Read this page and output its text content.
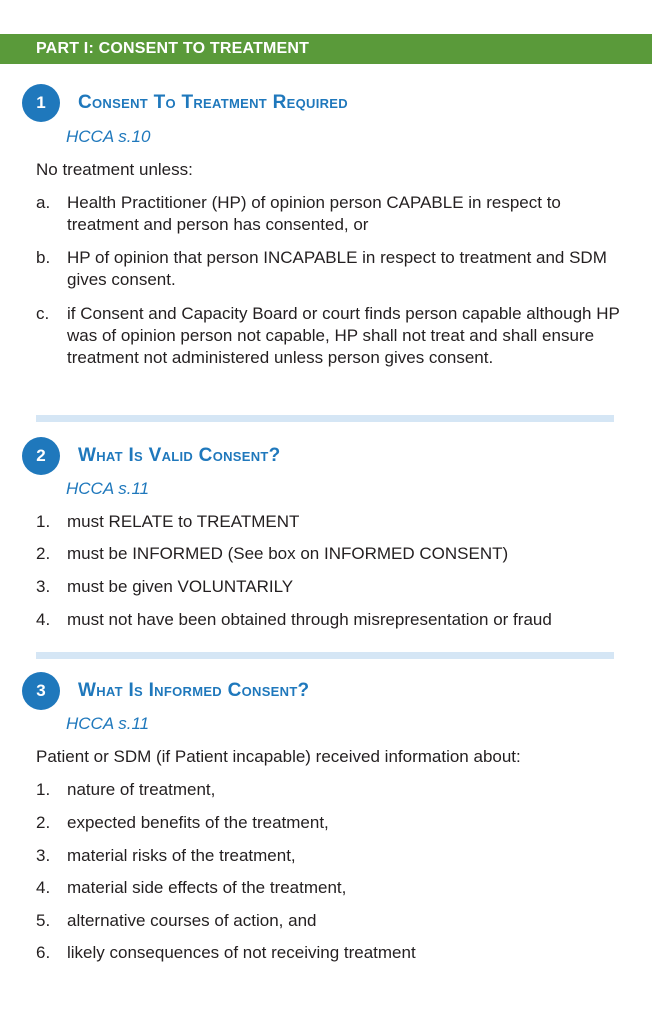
PART I: CONSENT TO TREATMENT
1	Consent To Treatment Required
HCCA s.10
No treatment unless:
a. Health Practitioner (HP) of opinion person CAPABLE in respect to treatment and person has consented, or
b. HP of opinion that person INCAPABLE in respect to treatment and SDM gives consent.
c.	if Consent and Capacity Board or court finds person capable although HP was of opinion person not capable, HP shall not treat and shall ensure treatment not administered unless person gives consent.
2	What Is Valid Consent?
HCCA s.11
1. must RELATE to TREATMENT
2. must be INFORMED (See box on INFORMED CONSENT)
3. must be given VOLUNTARILY
4. must not have been obtained through misrepresentation or fraud
3	What Is Informed Consent?
HCCA s.11
Patient or SDM (if Patient incapable) received information about:
1. nature of treatment,
2. expected benefits of the treatment,
3. material risks of the treatment,
4. material side effects of the treatment,
5. alternative courses of action, and
6. likely consequences of not receiving treatment
